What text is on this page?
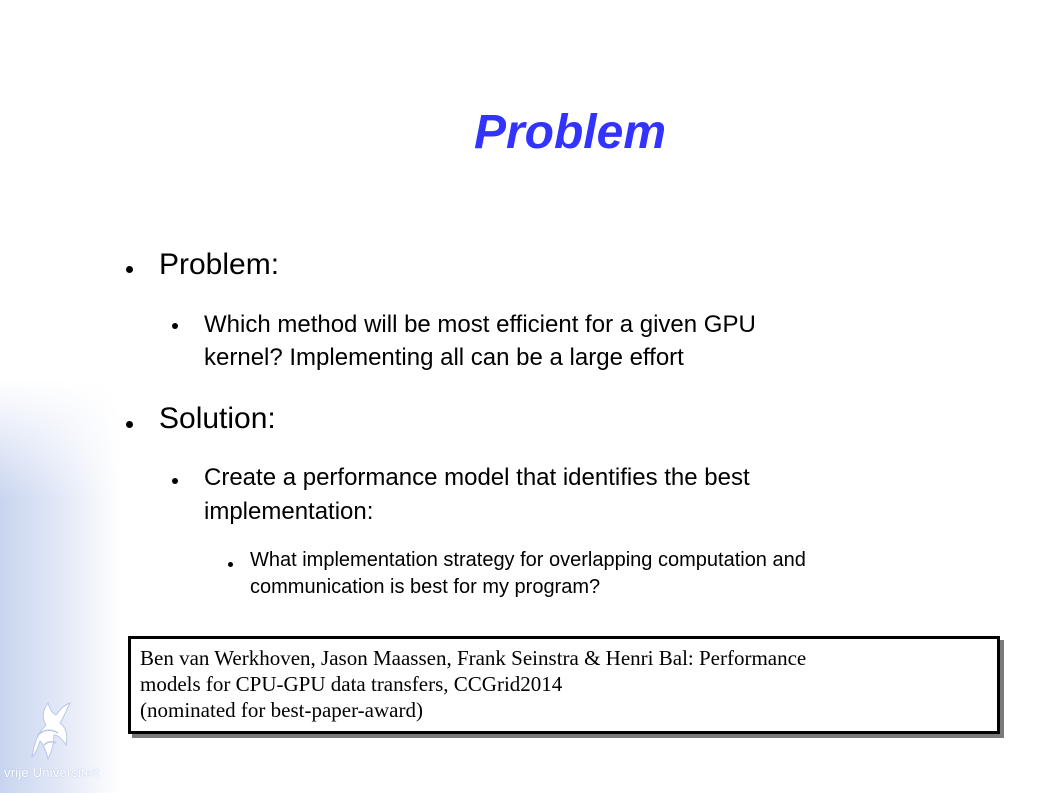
vrije Universiteit
Problem
Problem:
Which method will be most efficient for a given GPU
kernel? Implementing all can be a large effort
Solution:
Create a performance model that identifies the best
implementation:
What implementation strategy for overlapping computation and
communication is best for my program?
Ben van Werkhoven, Jason Maassen, Frank Seinstra & Henri Bal: Performance
models for CPU-GPU data transfers, CCGrid2014
(nominated for best-paper-award)
